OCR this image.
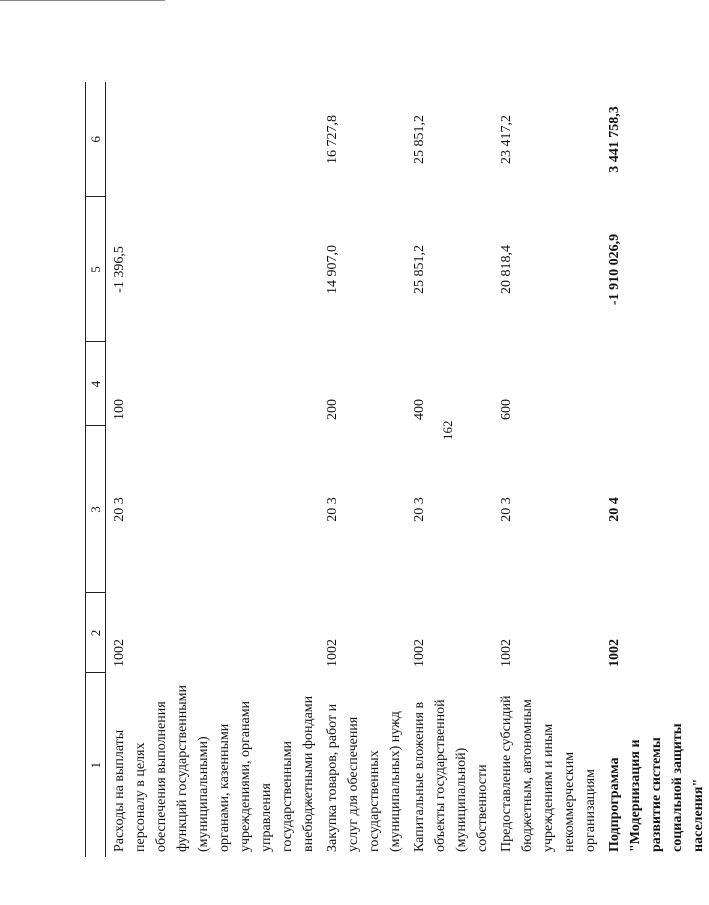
162
1	2	3	4	5	6
Расходы на выплаты персоналу в целях обеспечения выполнения функций государственными (муниципальными) органами, казенными учреждениями, органами управления государственными внебюджетными фондами	1002	20 3	100	-1 396,5	
Закупка товаров, работ и услуг для обеспечения государственных (муниципальных) нужд	1002	20 3	200	14 907,0	16 727,8
Капитальные вложения в объекты государственной (муниципальной) собственности	1002	20 3	400	25 851,2	25 851,2
Предоставление субсидий бюджетным, автономным учреждениям и иным некоммерческим организациям	1002	20 3	600	20 818,4	23 417,2
Подпрограмма "Модернизация и развитие системы социальной защиты населения"	1002	20 4		-1 910 026,9	3 441 758,3
